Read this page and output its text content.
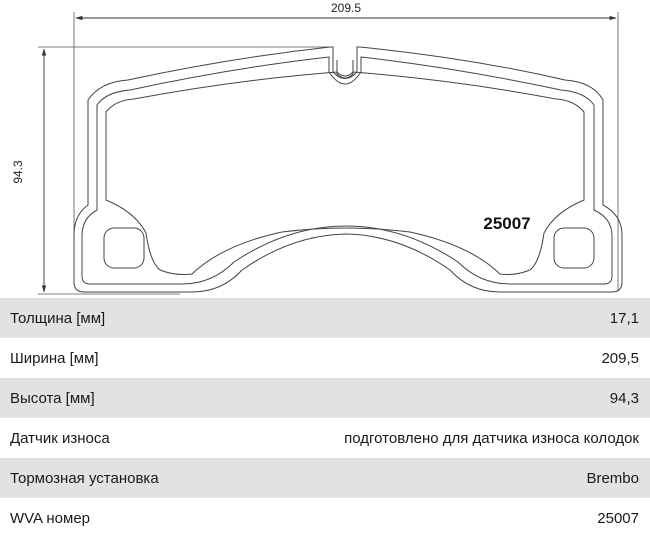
209.5
94.3
25007
Толщина [мм]	17,1
Ширина [мм]	209,5
Высота [мм]	94,3
Датчик износа	подготовлено для датчика износа колодок
Тормозная установка	Brembo
WVA номер	25007
